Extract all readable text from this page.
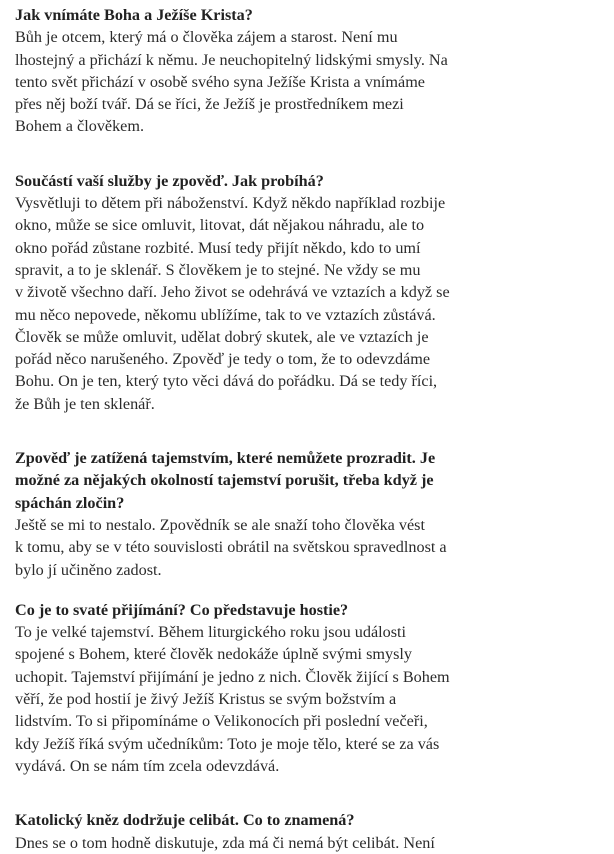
Jak vnímáte Boha a Ježíše Krista?

Bůh je otcem, který má o člověka zájem a starost. Není mu
lhostejný a přichází k němu. Je neuchopitelný lidskými smysly. Na
tento svět přichází v osobě svého syna Ježíše Krista a vnímáme
přes něj boží tvář. Dá se říci, že Ježíš je prostředníkem mezi
Bohem a člověkem.

Součástí vaší služby je zpověď. Jak probíhá?

Vysvětluji to dětem při náboženství. Když někdo například rozbije
okno, může se sice omluvit, litovat, dát nějakou náhradu, ale to
okno pořád zůstane rozbité. Musí tedy přijít někdo, kdo to umí
spravit, a to je sklenář. S člověkem je to stejné. Ne vždy se mu
v životě všechno daří. Jeho život se odehrává ve vztazích a když se
mu něco nepovede, někomu ublížíme, tak to ve vztazích zůstává.
Člověk se může omluvit, udělat dobrý skutek, ale ve vztazích je
pořád něco narušeného. Zpověď je tedy o tom, že to odevzdáme
Bohu. On je ten, který tyto věci dává do pořádku. Dá se tedy říci,
že Bůh je ten sklenář.

Zpověď je zatížená tajemstvím, které nemůžete prozradit. Je
možné za nějakých okolností tajemství porušit, třeba když je
spáchán zločin?

Ještě se mi to nestalo. Zpovědník se ale snaží toho člověka vést
k tomu, aby se v této souvislosti obrátil na světskou spravedlnost a
bylo jí učiněno zadost.

Co je to svaté přijímání? Co představuje hostie?

To je velké tajemství. Během liturgického roku jsou události
spojené s Bohem, které člověk nedokáže úplně svými smysly
uchopit. Tajemství přijímání je jedno z nich. Člověk žijící s Bohem
věří, že pod hostií je živý Ježíš Kristus se svým božstvím a
lidstvím. To si připomínáme o Velikonocích při poslední večeři,
kdy Ježíš říká svým učedníkům: Toto je moje tělo, které se za vás
vydává. On se nám tím zcela odevzdává.

Katolický kněz dodržuje celibát. Co to znamená?

Dnes se o tom hodně diskutuje, zda má či nemá být celibát. Není
